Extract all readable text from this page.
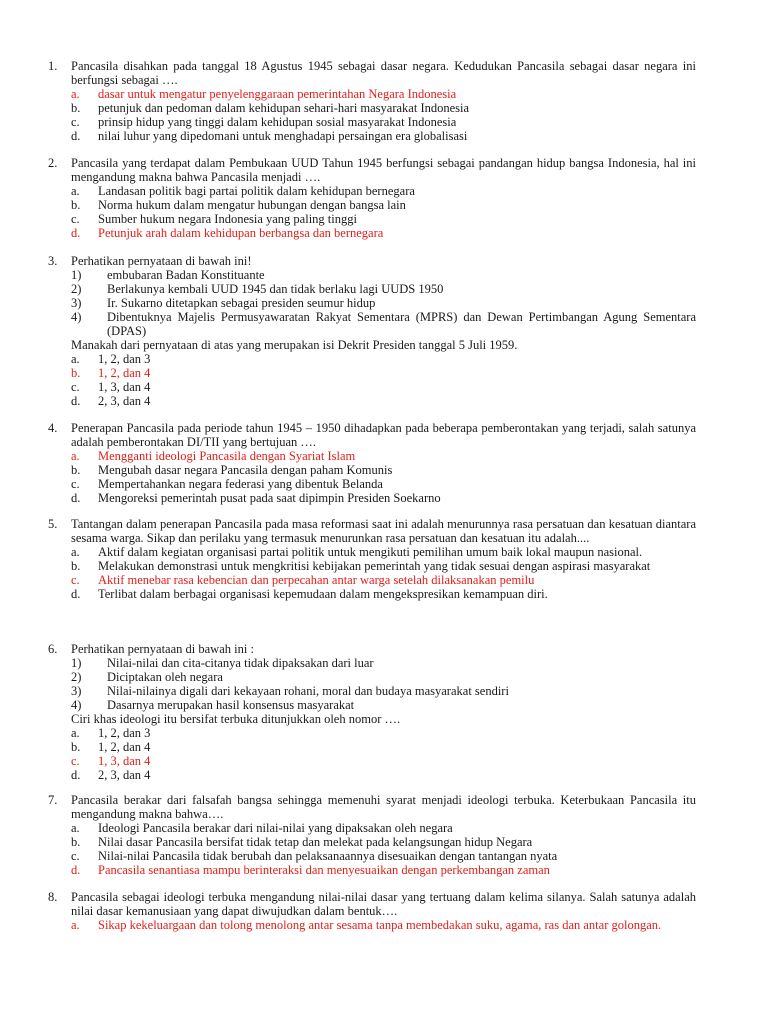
1.	Pancasila disahkan pada tanggal 18 Agustus 1945 sebagai dasar negara. Kedudukan Pancasila sebagai dasar negara ini berfungsi sebagai ….
a.	dasar untuk mengatur penyelenggaraan pemerintahan Negara Indonesia
b.	petunjuk dan pedoman dalam kehidupan sehari-hari masyarakat Indonesia
c.	prinsip hidup yang tinggi dalam kehidupan sosial masyarakat Indonesia
d.	nilai luhur yang dipedomani untuk menghadapi persaingan era globalisasi
2.	Pancasila yang terdapat dalam Pembukaan UUD Tahun 1945 berfungsi sebagai pandangan hidup bangsa Indonesia, hal ini mengandung makna bahwa Pancasila menjadi ….
a.	Landasan politik bagi partai politik dalam kehidupan bernegara
b.	Norma hukum dalam mengatur hubungan dengan bangsa lain
c.	Sumber hukum negara Indonesia yang paling tinggi
d.	Petunjuk arah dalam kehidupan berbangsa dan bernegara
3.	Perhatikan pernyataan di bawah ini!
1)	embubaran Badan Konstituante
2)	Berlakunya kembali UUD 1945 dan tidak berlaku lagi UUDS 1950
3)	Ir. Sukarno ditetapkan sebagai presiden seumur hidup
4)	Dibentuknya Majelis Permusyawaratan Rakyat Sementara (MPRS) dan Dewan Pertimbangan Agung Sementara (DPAS)
Manakah dari pernyataan di atas yang merupakan isi Dekrit Presiden tanggal 5 Juli 1959.
a.	1, 2, dan 3
b.	1, 2, dan 4
c.	1, 3, dan 4
d.	2, 3, dan 4
4.	Penerapan Pancasila pada periode tahun 1945 – 1950 dihadapkan pada beberapa pemberontakan yang terjadi, salah satunya adalah pemberontakan DI/TII yang bertujuan ….
a.	Mengganti ideologi Pancasila dengan Syariat Islam
b.	Mengubah dasar negara Pancasila dengan paham Komunis
c.	Mempertahankan negara federasi yang dibentuk Belanda
d.	Mengoreksi pemerintah pusat pada saat dipimpin Presiden Soekarno
5.	Tantangan dalam penerapan Pancasila pada masa reformasi saat ini adalah menurunnya rasa persatuan dan kesatuan diantara sesama warga. Sikap dan perilaku yang termasuk menurunkan rasa persatuan dan kesatuan itu adalah....
a.	Aktif dalam kegiatan organisasi partai politik untuk mengikuti pemilihan umum baik lokal maupun nasional.
b.	Melakukan demonstrasi untuk mengkritisi kebijakan pemerintah yang tidak sesuai dengan aspirasi masyarakat
c.	Aktif menebar rasa kebencian dan perpecahan antar warga setelah dilaksanakan pemilu
d.	Terlibat dalam berbagai organisasi kepemudaan dalam mengekspresikan kemampuan diri.
6.	Perhatikan pernyataan di bawah ini :
1)	Nilai-nilai dan cita-citanya tidak dipaksakan dari luar
2)	Diciptakan oleh negara
3)	Nilai-nilainya digali dari kekayaan rohani, moral dan budaya masyarakat sendiri
4)	Dasarnya merupakan hasil konsensus masyarakat
Ciri khas ideologi itu bersifat terbuka ditunjukkan oleh nomor ….
a.	1, 2, dan 3
b.	1, 2, dan 4
c.	1, 3, dan 4
d.	2, 3, dan 4
7.	Pancasila berakar dari falsafah bangsa sehingga memenuhi syarat menjadi ideologi terbuka. Keterbukaan Pancasila itu mengandung makna bahwa….
a.	Ideologi Pancasila berakar dari nilai-nilai yang dipaksakan oleh negara
b.	Nilai dasar Pancasila bersifat tidak tetap dan melekat pada kelangsungan hidup Negara
c.	Nilai-nilai Pancasila tidak berubah dan pelaksanaannya disesuaikan dengan tantangan nyata
d.	Pancasila senantiasa mampu berinteraksi dan menyesuaikan dengan perkembangan zaman
8.	Pancasila sebagai ideologi terbuka mengandung nilai-nilai dasar yang tertuang dalam kelima silanya. Salah satunya adalah nilai dasar kemanusiaan yang dapat diwujudkan dalam bentuk….
a.	Sikap kekeluargaan dan tolong menolong antar sesama tanpa membedakan suku, agama, ras dan antar golongan.
